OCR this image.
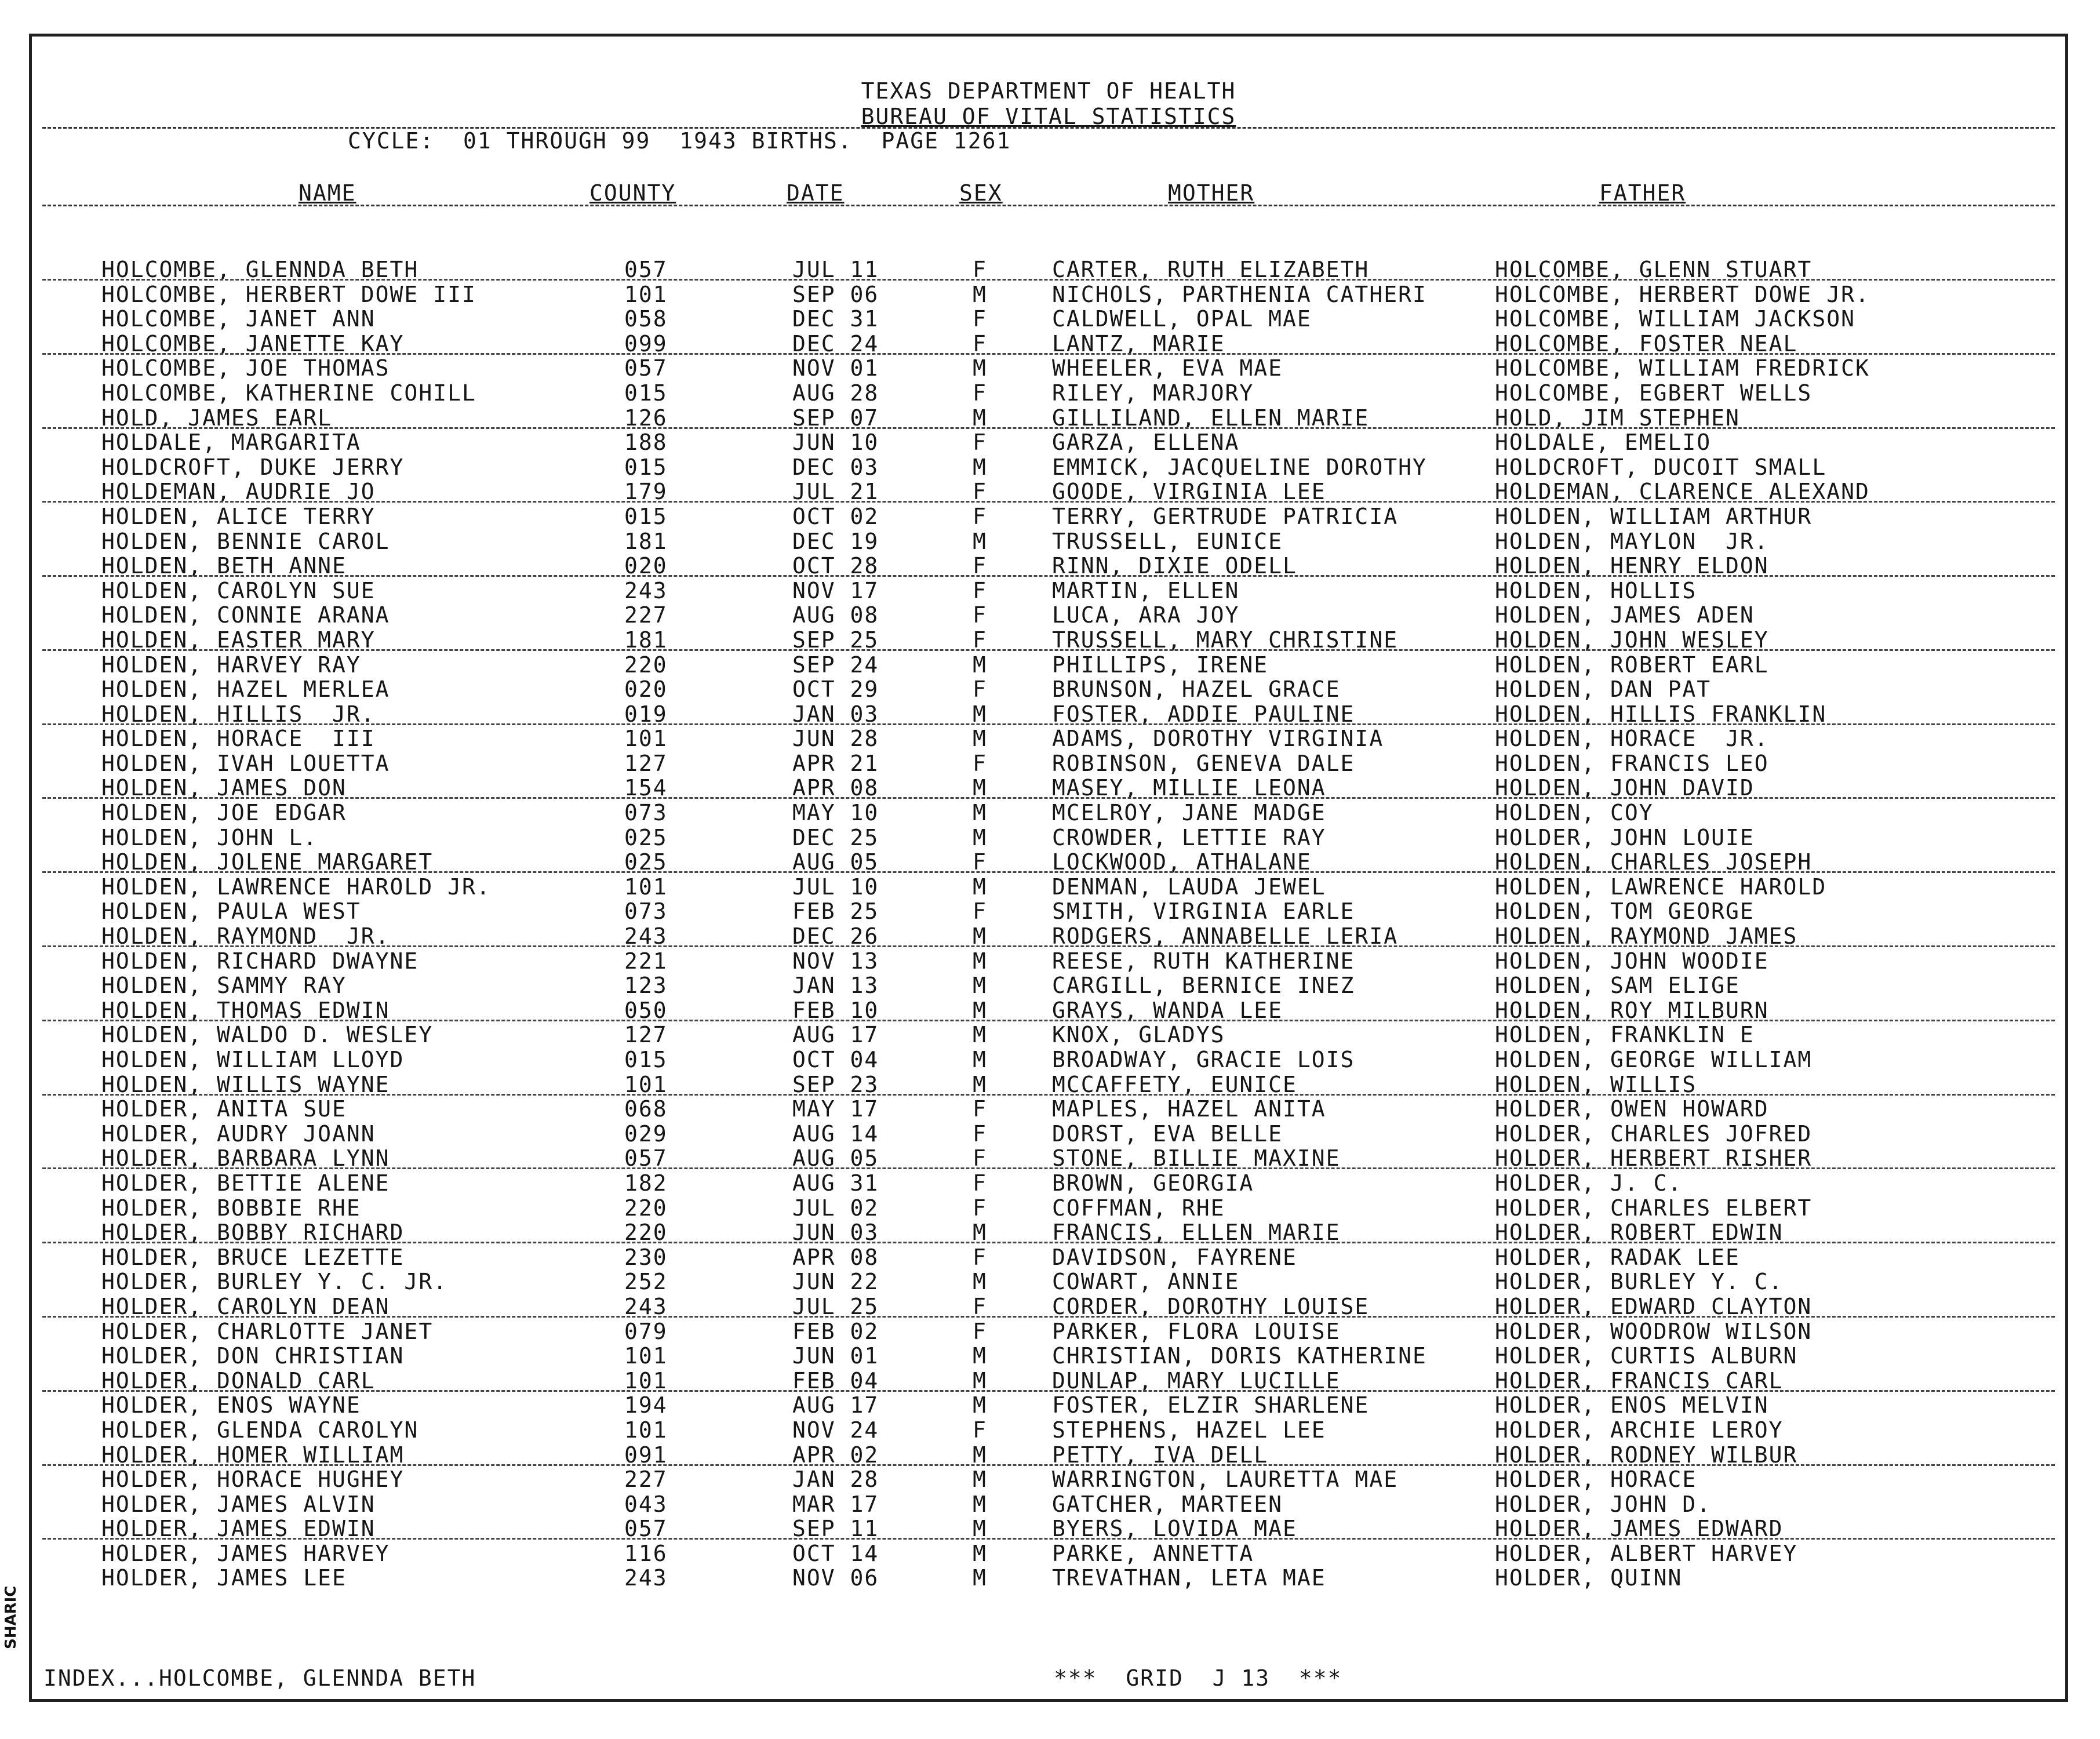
TEXAS DEPARTMENT OF HEALTH
BUREAU OF VITAL STATISTICS
CYCLE:  01 THROUGH 99  1943 BIRTHS.  PAGE 1261
NAME	COUNTY	DATE	SEX	MOTHER	FATHER
HOLCOMBE, GLENNDA BETH	057	JUL 11	F	CARTER, RUTH ELIZABETH	HOLCOMBE, GLENN STUART
HOLCOMBE, HERBERT DOWE III	101	SEP 06	M	NICHOLS, PARTHENIA CATHERI	HOLCOMBE, HERBERT DOWE JR.
HOLCOMBE, JANET ANN	058	DEC 31	F	CALDWELL, OPAL MAE	HOLCOMBE, WILLIAM JACKSON
HOLCOMBE, JANETTE KAY	099	DEC 24	F	LANTZ, MARIE	HOLCOMBE, FOSTER NEAL
HOLCOMBE, JOE THOMAS	057	NOV 01	M	WHEELER, EVA MAE	HOLCOMBE, WILLIAM FREDRICK
HOLCOMBE, KATHERINE COHILL	015	AUG 28	F	RILEY, MARJORY	HOLCOMBE, EGBERT WELLS
HOLD, JAMES EARL	126	SEP 07	M	GILLILAND, ELLEN MARIE	HOLD, JIM STEPHEN
HOLDALE, MARGARITA	188	JUN 10	F	GARZA, ELLENA	HOLDALE, EMELIO
HOLDCROFT, DUKE JERRY	015	DEC 03	M	EMMICK, JACQUELINE DOROTHY	HOLDCROFT, DUCOIT SMALL
HOLDEMAN, AUDRIE JO	179	JUL 21	F	GOODE, VIRGINIA LEE	HOLDEMAN, CLARENCE ALEXAND
HOLDEN, ALICE TERRY	015	OCT 02	F	TERRY, GERTRUDE PATRICIA	HOLDEN, WILLIAM ARTHUR
HOLDEN, BENNIE CAROL	181	DEC 19	M	TRUSSELL, EUNICE	HOLDEN, MAYLON  JR.
HOLDEN, BETH ANNE	020	OCT 28	F	RINN, DIXIE ODELL	HOLDEN, HENRY ELDON
HOLDEN, CAROLYN SUE	243	NOV 17	F	MARTIN, ELLEN	HOLDEN, HOLLIS
HOLDEN, CONNIE ARANA	227	AUG 08	F	LUCA, ARA JOY	HOLDEN, JAMES ADEN
HOLDEN, EASTER MARY	181	SEP 25	F	TRUSSELL, MARY CHRISTINE	HOLDEN, JOHN WESLEY
HOLDEN, HARVEY RAY	220	SEP 24	M	PHILLIPS, IRENE	HOLDEN, ROBERT EARL
HOLDEN, HAZEL MERLEA	020	OCT 29	F	BRUNSON, HAZEL GRACE	HOLDEN, DAN PAT
HOLDEN, HILLIS  JR.	019	JAN 03	M	FOSTER, ADDIE PAULINE	HOLDEN, HILLIS FRANKLIN
HOLDEN, HORACE  III	101	JUN 28	M	ADAMS, DOROTHY VIRGINIA	HOLDEN, HORACE  JR.
HOLDEN, IVAH LOUETTA	127	APR 21	F	ROBINSON, GENEVA DALE	HOLDEN, FRANCIS LEO
HOLDEN, JAMES DON	154	APR 08	M	MASEY, MILLIE LEONA	HOLDEN, JOHN DAVID
HOLDEN, JOE EDGAR	073	MAY 10	M	MCELROY, JANE MADGE	HOLDEN, COY
HOLDEN, JOHN L.	025	DEC 25	M	CROWDER, LETTIE RAY	HOLDER, JOHN LOUIE
HOLDEN, JOLENE MARGARET	025	AUG 05	F	LOCKWOOD, ATHALANE	HOLDEN, CHARLES JOSEPH
HOLDEN, LAWRENCE HAROLD JR.	101	JUL 10	M	DENMAN, LAUDA JEWEL	HOLDEN, LAWRENCE HAROLD
HOLDEN, PAULA WEST	073	FEB 25	F	SMITH, VIRGINIA EARLE	HOLDEN, TOM GEORGE
HOLDEN, RAYMOND  JR.	243	DEC 26	M	RODGERS, ANNABELLE LERIA	HOLDEN, RAYMOND JAMES
HOLDEN, RICHARD DWAYNE	221	NOV 13	M	REESE, RUTH KATHERINE	HOLDEN, JOHN WOODIE
HOLDEN, SAMMY RAY	123	JAN 13	M	CARGILL, BERNICE INEZ	HOLDEN, SAM ELIGE
HOLDEN, THOMAS EDWIN	050	FEB 10	M	GRAYS, WANDA LEE	HOLDEN, ROY MILBURN
HOLDEN, WALDO D. WESLEY	127	AUG 17	M	KNOX, GLADYS	HOLDEN, FRANKLIN E
HOLDEN, WILLIAM LLOYD	015	OCT 04	M	BROADWAY, GRACIE LOIS	HOLDEN, GEORGE WILLIAM
HOLDEN, WILLIS WAYNE	101	SEP 23	M	MCCAFFETY, EUNICE	HOLDEN, WILLIS
HOLDER, ANITA SUE	068	MAY 17	F	MAPLES, HAZEL ANITA	HOLDER, OWEN HOWARD
HOLDER, AUDRY JOANN	029	AUG 14	F	DORST, EVA BELLE	HOLDER, CHARLES JOFRED
HOLDER, BARBARA LYNN	057	AUG 05	F	STONE, BILLIE MAXINE	HOLDER, HERBERT RISHER
HOLDER, BETTIE ALENE	182	AUG 31	F	BROWN, GEORGIA	HOLDER, J. C.
HOLDER, BOBBIE RHE	220	JUL 02	F	COFFMAN, RHE	HOLDER, CHARLES ELBERT
HOLDER, BOBBY RICHARD	220	JUN 03	M	FRANCIS, ELLEN MARIE	HOLDER, ROBERT EDWIN
HOLDER, BRUCE LEZETTE	230	APR 08	F	DAVIDSON, FAYRENE	HOLDER, RADAK LEE
HOLDER, BURLEY Y. C. JR.	252	JUN 22	M	COWART, ANNIE	HOLDER, BURLEY Y. C.
HOLDER, CAROLYN DEAN	243	JUL 25	F	CORDER, DOROTHY LOUISE	HOLDER, EDWARD CLAYTON
HOLDER, CHARLOTTE JANET	079	FEB 02	F	PARKER, FLORA LOUISE	HOLDER, WOODROW WILSON
HOLDER, DON CHRISTIAN	101	JUN 01	M	CHRISTIAN, DORIS KATHERINE	HOLDER, CURTIS ALBURN
HOLDER, DONALD CARL	101	FEB 04	M	DUNLAP, MARY LUCILLE	HOLDER, FRANCIS CARL
HOLDER, ENOS WAYNE	194	AUG 17	M	FOSTER, ELZIR SHARLENE	HOLDER, ENOS MELVIN
HOLDER, GLENDA CAROLYN	101	NOV 24	F	STEPHENS, HAZEL LEE	HOLDER, ARCHIE LEROY
HOLDER, HOMER WILLIAM	091	APR 02	M	PETTY, IVA DELL	HOLDER, RODNEY WILBUR
HOLDER, HORACE HUGHEY	227	JAN 28	M	WARRINGTON, LAURETTA MAE	HOLDER, HORACE
HOLDER, JAMES ALVIN	043	MAR 17	M	GATCHER, MARTEEN	HOLDER, JOHN D.
HOLDER, JAMES EDWIN	057	SEP 11	M	BYERS, LOVIDA MAE	HOLDER, JAMES EDWARD
HOLDER, JAMES HARVEY	116	OCT 14	M	PARKE, ANNETTA	HOLDER, ALBERT HARVEY
HOLDER, JAMES LEE	243	NOV 06	M	TREVATHAN, LETA MAE	HOLDER, QUINN
INDEX...HOLCOMBE, GLENNDA BETH	***  GRID  J 13  ***
SHARIC
